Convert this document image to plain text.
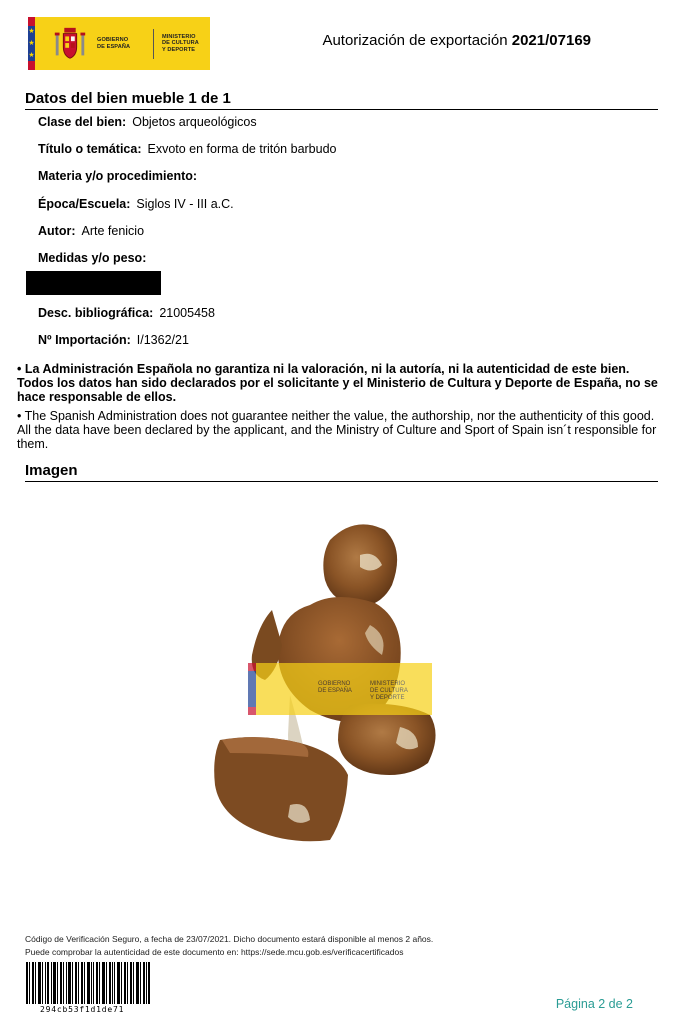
★
★
★
GOBIERNO
DE ESPAÑA
MINISTERIO
DE CULTURA
Y DEPORTE
Autorización de exportación 2021/07169
Datos del bien mueble 1 de 1
Clase del bien: Objetos arqueológicos
Título o temática: Exvoto en forma de tritón barbudo
Materia y/o procedimiento:
Época/Escuela: Siglos IV - III a.C.
Autor: Arte fenicio
Medidas y/o peso:
Desc. bibliográfica: 21005458
Nº Importación: I/1362/21
• La Administración Española no garantiza ni la valoración, ni la autoría, ni la autenticidad de este bien. Todos los datos han sido declarados por el solicitante y el Ministerio de Cultura y Deporte de España, no se hace responsable de ellos.
• The Spanish Administration does not guarantee neither the value, the authorship, nor the authenticity of this good. All the data have been declared by the applicant, and the Ministry of Culture and Sport of Spain isn´t responsible for them.
Imagen
GOBIERNO
DE ESPAÑA
MINISTERIO
DE CULTURA
Y DEPORTE
Código de Verificación Seguro, a fecha de 23/07/2021. Dicho documento estará disponible al menos 2 años.
Puede comprobar la autenticidad de este documento en: https://sede.mcu.gob.es/verificacertificados
294cb53f1d1de71	Página 2 de 2
